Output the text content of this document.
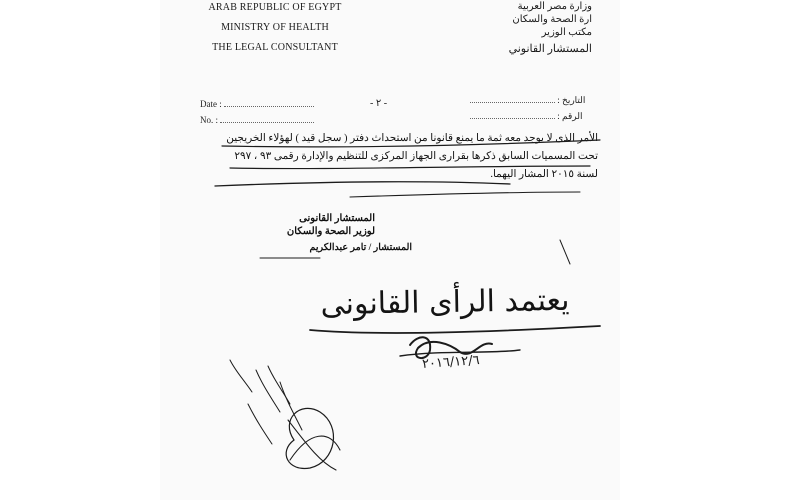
ARAB REPUBLIC OF EGYPT
MINISTRY OF HEALTH
THE LEGAL CONSULTANT
وزارة مصر العربية
ارة الصحة والسكان
مكتب الوزير
المستشار القانوني
Date :
No. :
- ٢ -	: التاريخ
: الرقم
الأمر الذى لا يوجد معه ثمة ما يمنع قانونا من استحداث دفتر ( سجل قيد ) لهؤلاء الخريجين تحت المسميات السابق ذكرها بقرارى الجهاز المركزى للتنظيم والإدارة رقمى ٩٣ ، ٢٩٧ لسنة ٢٠١٥ المشار اليهما.
المستشار القانونى
لوزير الصحة والسكان
المستشار / تامر عبدالكريم
يعتمد الرأى القانونى
٢٠١٦/١٢/٦
